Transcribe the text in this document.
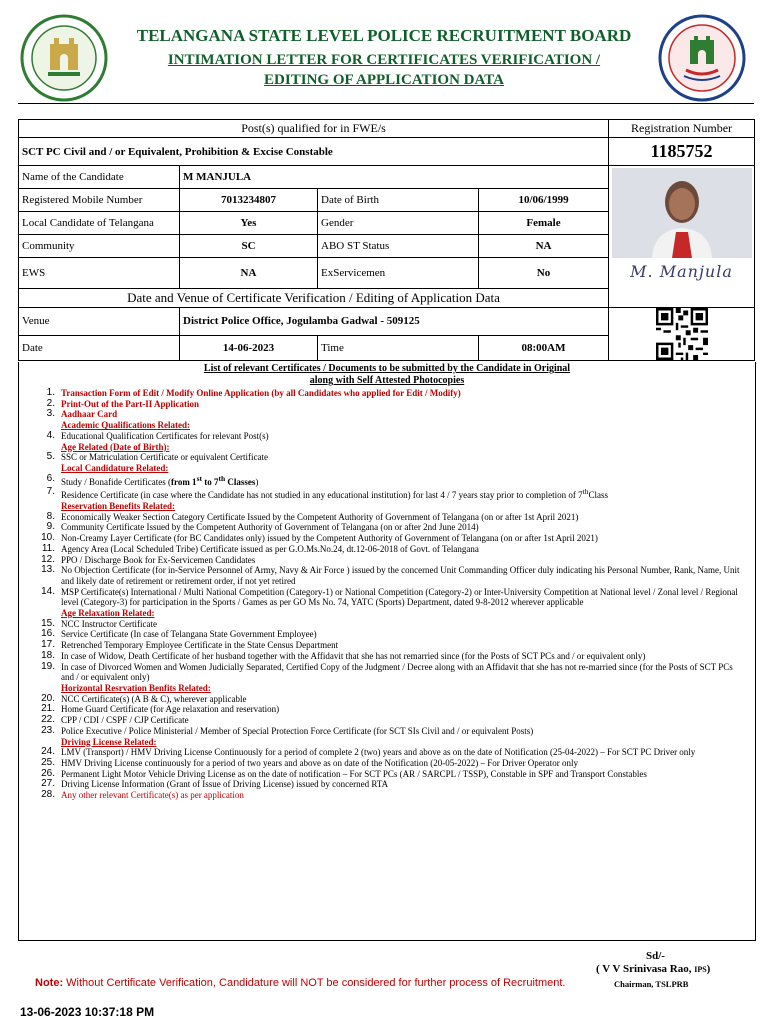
TELANGANA STATE LEVEL POLICE RECRUITMENT BOARD
INTIMATION LETTER FOR CERTIFICATES VERIFICATION /
EDITING OF APPLICATION DATA
Post(s) qualified for in FWE/s				Registration Number
SCT PC Civil and / or Equivalent, Prohibition & Excise Constable				1185752
Name of the Candidate	M MANJULA			M. Manjula

Registered Mobile Number	7013234807	Date of Birth	10/06/1999	
Local Candidate of Telangana	Yes	Gender	Female	
Community	SC	ABO ST Status	NA	
EWS	NA	ExServicemen	No	
Date and Venue of Certificate Verification / Editing of Application Data				
Venue	District Police Office, Jogulamba Gadwal - 509125	

Date	14-06-2023	Time	08:00AM	
List of relevant Certificates / Documents to be submitted by the Candidate in Original
along with Self Attested Photocopies
1. Transaction Form of Edit / Modify Online Application (by all Candidates who applied for Edit / Modify)
2. Print-Out of the Part-II Application
3. Aadhaar Card
Academic Qualifications Related:
4. Educational Qualification Certificates for relevant Post(s)
Age Related (Date of Birth):
5. SSC or Matriculation Certificate or equivalent Certificate
Local Candidature Related:
6. Study / Bonafide Certificates (from 1st to 7th Classes)
7. Residence Certificate (in case where the Candidate has not studied in any educational institution) for last 4 / 7 years stay prior to completion of 7thClass
Reservation Benefits Related:
8. Economically Weaker Section Category Certificate Issued by the Competent Authority of Government of Telangana (on or after 1st April 2021)
9. Community Certificate Issued by the Competent Authority of Government of Telangana (on or after 2nd June 2014)
10. Non-Creamy Layer Certificate (for BC Candidates only) issued by the Competent Authority of Government of Telangana (on or after 1st April 2021)
11. Agency Area (Local Scheduled Tribe) Certificate issued as per G.O.Ms.No.24, dt.12-06-2018 of Govt. of Telangana
12. PPO / Discharge Book for Ex-Servicemen Candidates
13. No Objection Certificate (for in-Service Personnel of Army, Navy & Air Force ) issued by the concerned Unit Commanding Officer duly indicating his Personal Number, Rank, Name, Unit and likely date of retirement or retirement order, if not yet retired
14. MSP Certificate(s) International / Multi National Competition (Category-1) or National Competition (Category-2) or Inter-University Competition at National level / Zonal level / Regional level (Category-3) for participation in the Sports / Games as per GO Ms No. 74, YATC (Sports) Department, dated 9-8-2012 wherever applicable
Age Relaxation Related:
15. NCC Instructor Certificate
16. Service Certificate (In case of Telangana State Government Employee)
17. Retrenched Temporary Employee Certificate in the State Census Department
18. In case of Widow, Death Certificate of her husband together with the Affidavit that she has not remarried since (for the Posts of SCT PCs and / or equivalent only)
19. In case of Divorced Women and Women Judicially Separated, Certified Copy of the Judgment / Decree along with an Affidavit that she has not re-married since (for the Posts of SCT PCs and / or equivalent only)
Horizontal Resrvation Benfits Related:
20. NCC Certificate(s) (A B & C), wherever applicable
21. Home Guard Certificate (for Age relaxation and reservation)
22. CPP / CDI / CSPF / CJP Certificate
23. Police Executive / Police Ministerial / Member of Special Protection Force Certificate (for SCT SIs Civil and / or equivalent Posts)
Driving License Related:
24. LMV (Transport) / HMV Driving License Continuously for a period of complete 2 (two) years and above as on the date of Notification (25-04-2022) – For SCT PC Driver only
25. HMV Driving License continuously for a period of two years and above as on date of the Notification (20-05-2022) – For Driver Operator only
26. Permanent Light Motor Vehicle Driving License as on the date of notification – For SCT PCs (AR / SARCPL / TSSP), Constable in SPF and Transport Constables
27. Driving License Information (Grant of Issue of Driving License) issued by concerned RTA
28. Any other relevant Certificate(s) as per application
Sd/-
( V V Srinivasa Rao, IPS)
Note: Without Certificate Verification, Candidature will NOT be considered for further process of Recruitment.	Chairman, TSLPRB
13-06-2023 10:37:18 PM
